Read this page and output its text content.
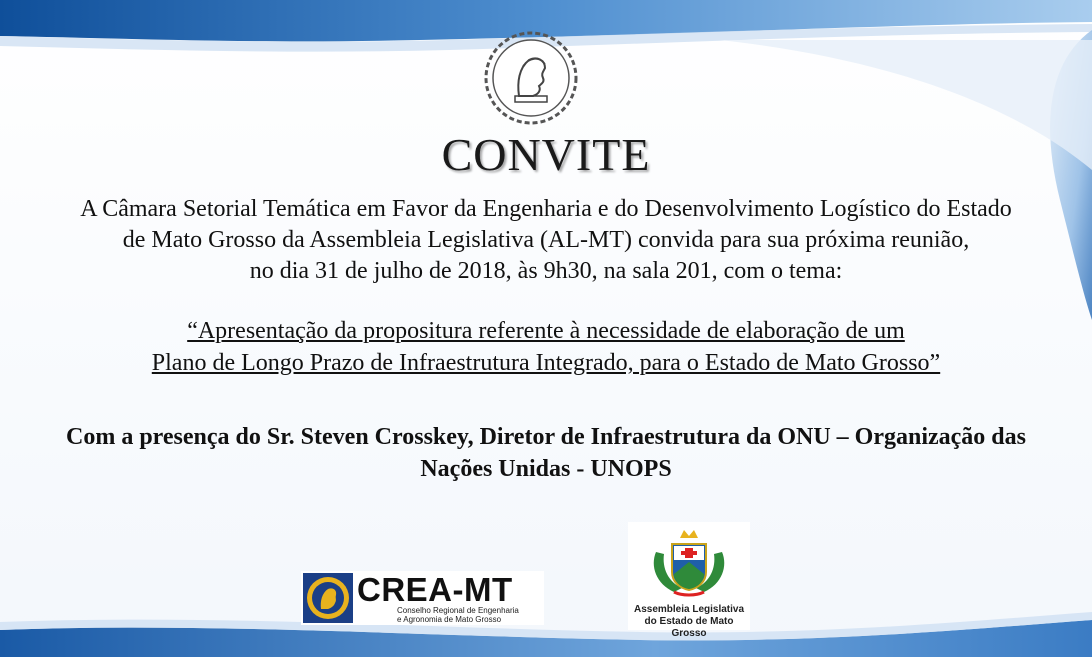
CONVITE
A Câmara Setorial Temática em Favor da Engenharia e do Desenvolvimento Logístico do Estado
de Mato Grosso da Assembleia Legislativa (AL-MT) convida para sua próxima reunião,
no dia 31 de julho de 2018, às 9h30, na sala 201, com o tema:
“Apresentação da propositura referente à necessidade de elaboração de um
Plano de Longo Prazo de Infraestrutura Integrado, para o Estado de Mato Grosso”
Com a presença do Sr. Steven Crosskey, Diretor de Infraestrutura da ONU – Organização das
Nações Unidas - UNOPS
CREA-MT
Conselho Regional de Engenharia
e Agronomia de Mato Grosso
Assembleia Legislativa
do Estado de Mato Grosso
